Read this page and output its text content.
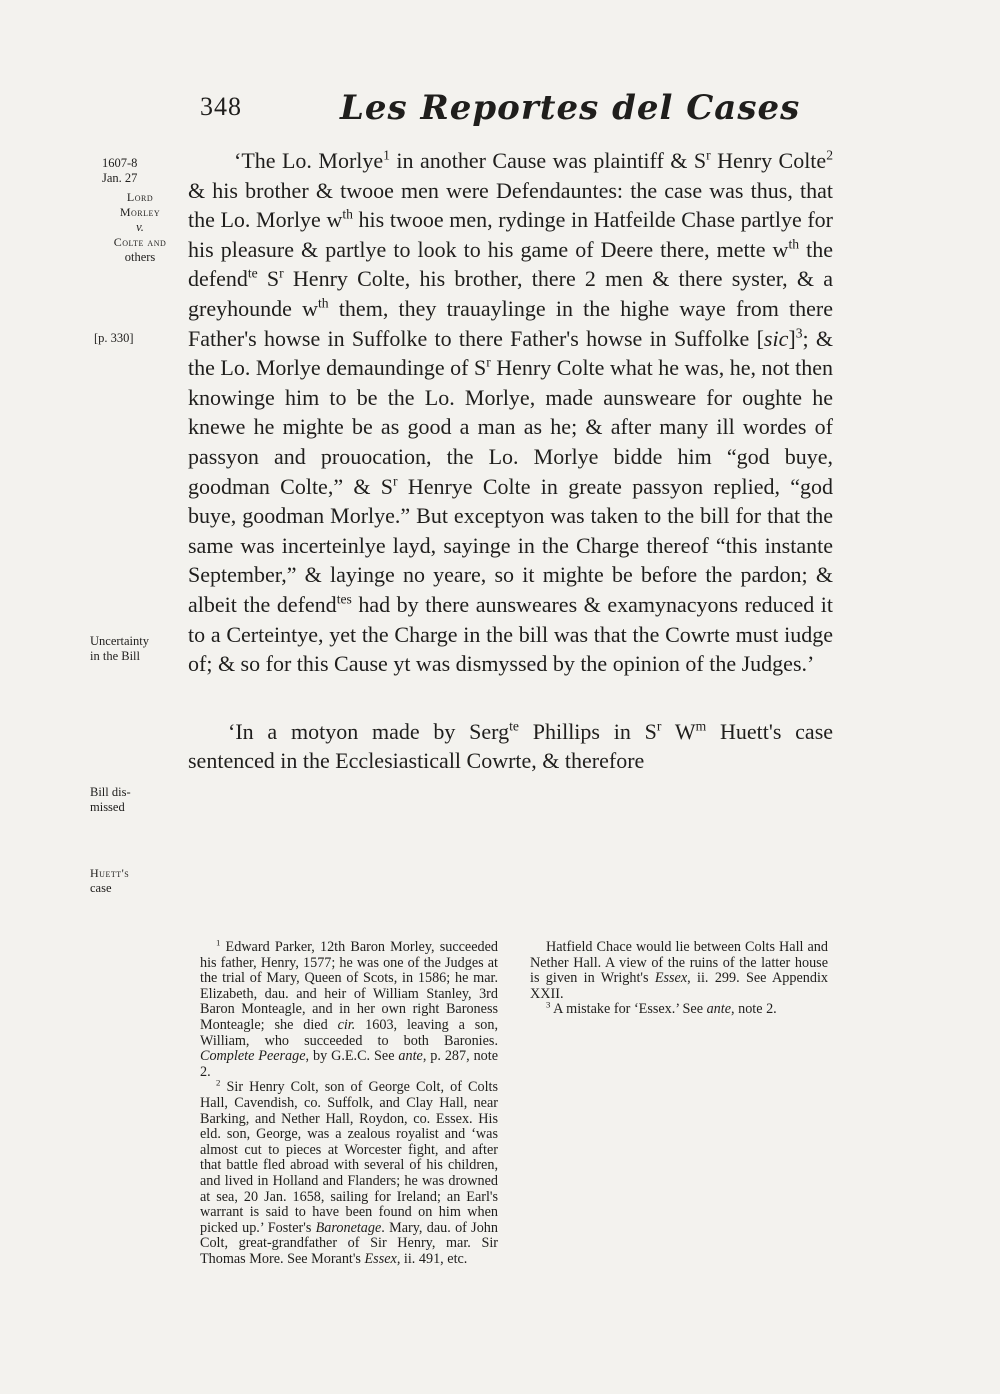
348	Les Reportes del Cases
1607-8
Jan. 27
Lord
Morley
v.
Colte and
others
[p. 330]
Uncertainty
in the Bill
Bill dis-
missed
Huett's
case

‘The Lo. Morlye$^1$ in another Cause was plaintiff & $S^r$ Henry Colte$^2$ & his brother & twooe men were Defendauntes: the case was thus, that the Lo. Morlye $w^{th}$ his twooe men, rydinge in Hatfeilde Chase partlye for his pleasure & partlye to look to his game of Deere there, mette $w^{th}$ the defend$^{te}$ $S^r$ Henry Colte, his brother, there 2 men & there syster, & a greyhounde $w^{th}$ them, they trauaylinge in the highe waye from there Father's howse in Suffolke to there Father's howse in Suffolke [sic]$^3$; & the Lo. Morlye demaundinge of $S^r$ Henry Colte what he was, he, not then knowinge him to be the Lo. Morlye, made aunsweare for oughte he knewe he mighte be as good a man as he; & after many ill wordes of passyon and prouocation, the Lo. Morlye bidde him “god buye, goodman Colte,” & $S^r$ Henrye Colte in greate passyon replied, “god buye, goodman Morlye.” But exceptyon was taken to the bill for that the same was incerteinlye layd, sayinge in the Charge thereof “this instante September,” & layinge no yeare, so it mighte be before the pardon; & albeit the defend$^{tes}$ had by there aunsweares & examynacyons reduced it to a Certeintye, yet the Charge in the bill was that the Cowrte must iudge of; & so for this Cause yt was dismyssed by the opinion of the Judges.’

‘In a motyon made by Serg$^{te}$ Phillips in $S^r$ $W^m$ Huett's case sentenced in the Ecclesiasticall Cowrte, & therefore

$^1$ Edward Parker, 12th Baron Morley, succeeded his father, Henry, 1577; he was one of the Judges at the trial of Mary, Queen of Scots, in 1586; he mar. Elizabeth, dau. and heir of William Stanley, 3rd Baron Monteagle, and in her own right Baroness Monteagle; she died cir. 1603, leaving a son, William, who succeeded to both Baronies. Complete Peerage, by G.E.C. See ante, p. 287, note 2.

$^2$ Sir Henry Colt, son of George Colt, of Colts Hall, Cavendish, co. Suffolk, and Clay Hall, near Barking, and Nether Hall, Roydon, co. Essex. His eld. son, George, was a zealous royalist and ‘was almost cut to pieces at Worcester fight, and after that battle fled abroad with several of his children, and lived in Holland and Flanders; he was drowned at sea, 20 Jan. 1658, sailing for Ireland; an Earl's warrant is said to have been found on him when picked up.’ Foster's Baronetage. Mary, dau. of John Colt, great-grandfather of Sir Henry, mar. Sir Thomas More. See Morant's Essex, ii. 491, etc.

Hatfield Chace would lie between Colts Hall and Nether Hall. A view of the ruins of the latter house is given in Wright's Essex, ii. 299. See Appendix XXII.

$^3$ A mistake for ‘Essex.’ See ante, note 2.
